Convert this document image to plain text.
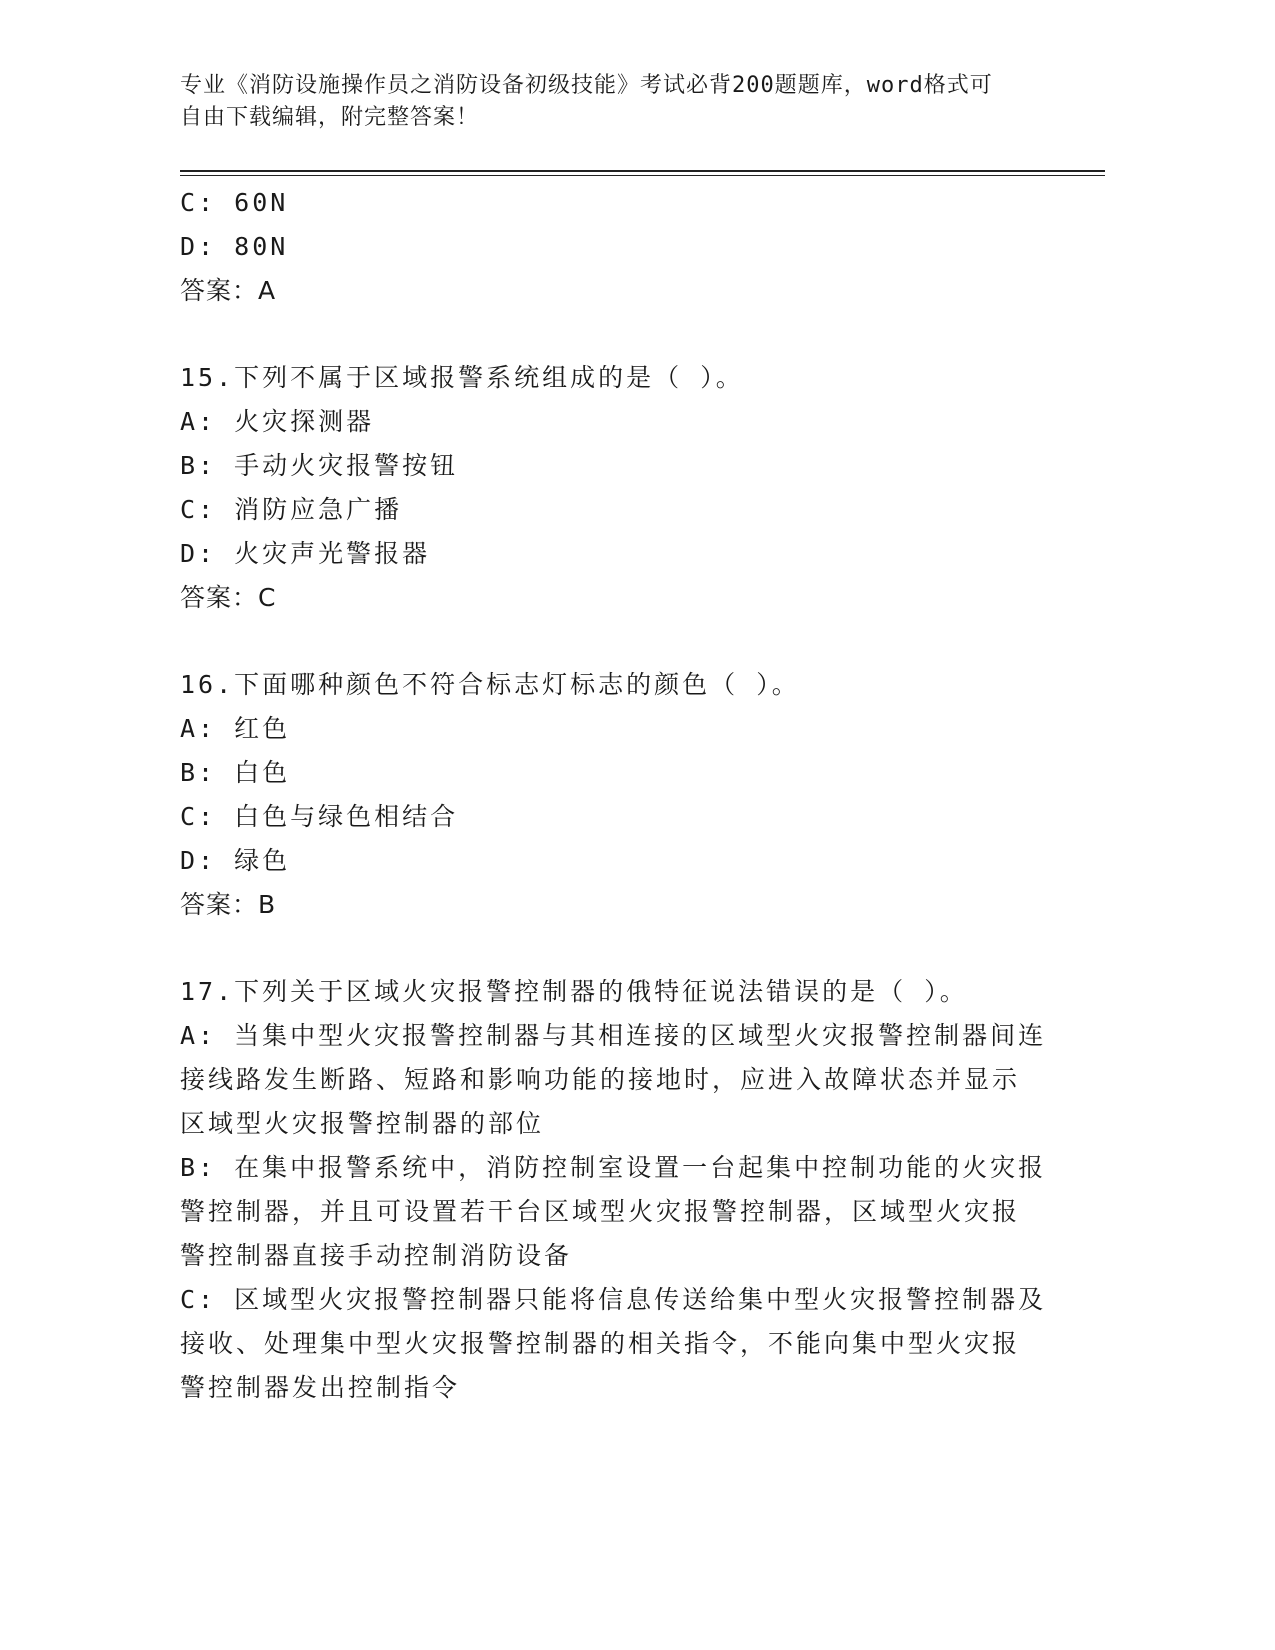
专业《消防设施操作员之消防设备初级技能》考试必背200题题库，word格式可
自由下载编辑，附完整答案！
C: 60N
D: 80N
答案：A
15.下列不属于区域报警系统组成的是（ ）。
A: 火灾探测器
B: 手动火灾报警按钮
C: 消防应急广播
D: 火灾声光警报器
答案：C
16.下面哪种颜色不符合标志灯标志的颜色（ ）。
A: 红色
B: 白色
C: 白色与绿色相结合
D: 绿色
答案：B
17.下列关于区域火灾报警控制器的俄特征说法错误的是（ ）。
A: 当集中型火灾报警控制器与其相连接的区域型火灾报警控制器间连
接线路发生断路、短路和影响功能的接地时，应进入故障状态并显示
区域型火灾报警控制器的部位
B: 在集中报警系统中，消防控制室设置一台起集中控制功能的火灾报
警控制器，并且可设置若干台区域型火灾报警控制器，区域型火灾报
警控制器直接手动控制消防设备
C: 区域型火灾报警控制器只能将信息传送给集中型火灾报警控制器及
接收、处理集中型火灾报警控制器的相关指令，不能向集中型火灾报
警控制器发出控制指令
